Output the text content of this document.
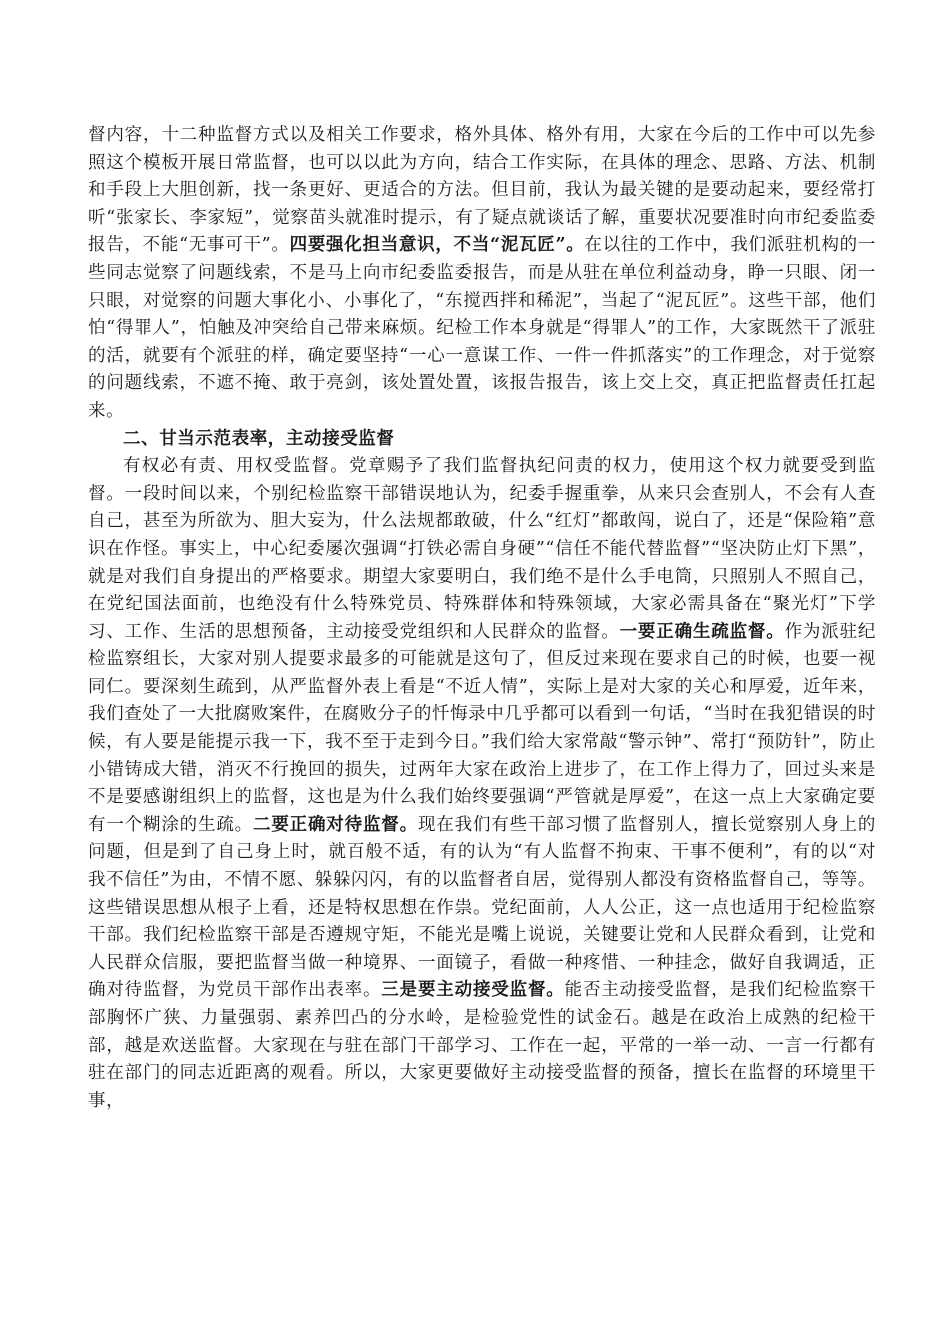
督内容，十二种监督方式以及相关工作要求，格外具体、格外有用，大家在今后的工作中可以先参照这个模板开展日常监督，也可以以此为方向，结合工作实际，在具体的理念、思路、方法、机制和手段上大胆创新，找一条更好、更适合的方法。但目前，我认为最关键的是要动起来，要经常打听“张家长、李家短”，觉察苗头就准时提示，有了疑点就谈话了解，重要状况要准时向市纪委监委报告，不能“无事可干”。四要强化担当意识，不当“泥瓦匠”。在以往的工作中，我们派驻机构的一些同志觉察了问题线索，不是马上向市纪委监委报告，而是从驻在单位利益动身，睁一只眼、闭一只眼，对觉察的问题大事化小、小事化了，“东搅西拌和稀泥”，当起了“泥瓦匠”。这些干部，他们怕“得罪人”，怕触及冲突给自己带来麻烦。纪检工作本身就是“得罪人”的工作，大家既然干了派驻的活，就要有个派驻的样，确定要坚持“一心一意谋工作、一件一件抓落实”的工作理念，对于觉察的问题线索，不遮不掩、敢于亮剑，该处置处置，该报告报告，该上交上交，真正把监督责任扛起来。

二、甘当示范表率，主动接受监督

有权必有责、用权受监督。党章赐予了我们监督执纪问责的权力，使用这个权力就要受到监督。一段时间以来，个别纪检监察干部错误地认为，纪委手握重拳，从来只会查别人，不会有人查自己，甚至为所欲为、胆大妄为，什么法规都敢破，什么“红灯”都敢闯，说白了，还是“保险箱”意识在作怪。事实上，中心纪委屡次强调“打铁必需自身硬”“信任不能代替监督”“坚决防止灯下黑”，就是对我们自身提出的严格要求。期望大家要明白，我们绝不是什么手电筒，只照别人不照自己，在党纪国法面前，也绝没有什么特殊党员、特殊群体和特殊领域，大家必需具备在“聚光灯”下学习、工作、生活的思想预备，主动接受党组织和人民群众的监督。一要正确生疏监督。作为派驻纪检监察组长，大家对别人提要求最多的可能就是这句了，但反过来现在要求自己的时候，也要一视同仁。要深刻生疏到，从严监督外表上看是“不近人情”，实际上是对大家的关心和厚爱，近年来，我们查处了一大批腐败案件，在腐败分子的忏悔录中几乎都可以看到一句话，“当时在我犯错误的时候，有人要是能提示我一下，我不至于走到今日。”我们给大家常敲“警示钟”、常打“预防针”，防止小错铸成大错，消灭不行挽回的损失，过两年大家在政治上进步了，在工作上得力了，回过头来是不是要感谢组织上的监督，这也是为什么我们始终要强调“严管就是厚爱”，在这一点上大家确定要有一个糊涂的生疏。二要正确对待监督。现在我们有些干部习惯了监督别人，擅长觉察别人身上的问题，但是到了自己身上时，就百般不适，有的认为“有人监督不拘束、干事不便利”，有的以“对我不信任”为由，不情不愿、躲躲闪闪，有的以监督者自居，觉得别人都没有资格监督自己，等等。这些错误思想从根子上看，还是特权思想在作祟。党纪面前，人人公正，这一点也适用于纪检监察干部。我们纪检监察干部是否遵规守矩，不能光是嘴上说说，关键要让党和人民群众看到，让党和人民群众信服，要把监督当做一种境界、一面镜子，看做一种疼惜、一种挂念，做好自我调适，正确对待监督，为党员干部作出表率。三是要主动接受监督。能否主动接受监督，是我们纪检监察干部胸怀广狭、力量强弱、素养凹凸的分水岭，是检验党性的试金石。越是在政治上成熟的纪检干部，越是欢送监督。大家现在与驻在部门干部学习、工作在一起，平常的一举一动、一言一行都有驻在部门的同志近距离的观看。所以，大家更要做好主动接受监督的预备，擅长在监督的环境里干事，
